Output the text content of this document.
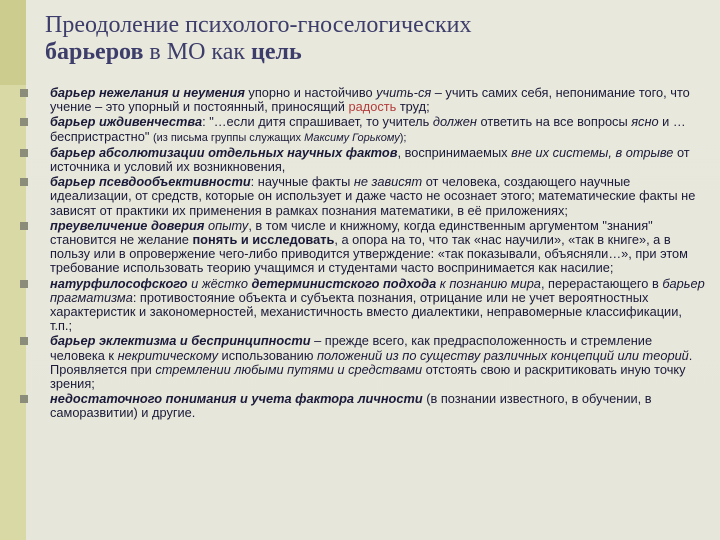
Преодоление психолого-гноселогических
барьеров в МО как цель
барьер нежелания и неумения упорно и настойчиво учить-ся – учить самих себя, непонимание того, что учение – это упорный и постоянный, приносящий радость труд;
барьер иждивенчества: "…если дитя спрашивает, то учитель должен ответить на все вопросы ясно и … беспристрастно" (из письма группы служащих Максиму Горькому);
барьер абсолютизации отдельных научных фактов, воспринимаемых вне их системы, в отрыве от источника и условий их возникновения,
барьер псевдообъективности: научные факты не зависят от человека, создающего научные идеализации, от средств, которые он использует и даже часто не осознает этого; математические факты не зависят от практики их применения в рамках познания математики, в её приложениях;
преувеличение доверия опыту, в том числе и книжному, когда единственным аргументом "знания" становится не желание понять и исследовать, а опора на то, что так «нас научили», «так в книге», а в пользу или в опровержение чего-либо приводится утверждение: «так показывали, объясняли…», при этом требование использовать теорию учащимся и студентами часто воспринимается как насилие;
натурфилософского и жёстко детерминистского подхода к познанию мира, перерастающего в барьер прагматизма: противостояние объекта и субъекта познания, отрицание или не учет вероятностных характеристик и закономерностей, механистичность вместо диалектики, неправомерные классификации, т.п.;
барьер эклектизма и беспринципности – прежде всего, как предрасположенность и стремление человека к некритическому использованию положений из по существу различных концепций или теорий. Проявляется при стремлении любыми путями и средствами отстоять свою и раскритиковать иную точку зрения;
недостаточного понимания и учета фактора личности (в познании известного, в обучении, в саморазвитии) и другие.
